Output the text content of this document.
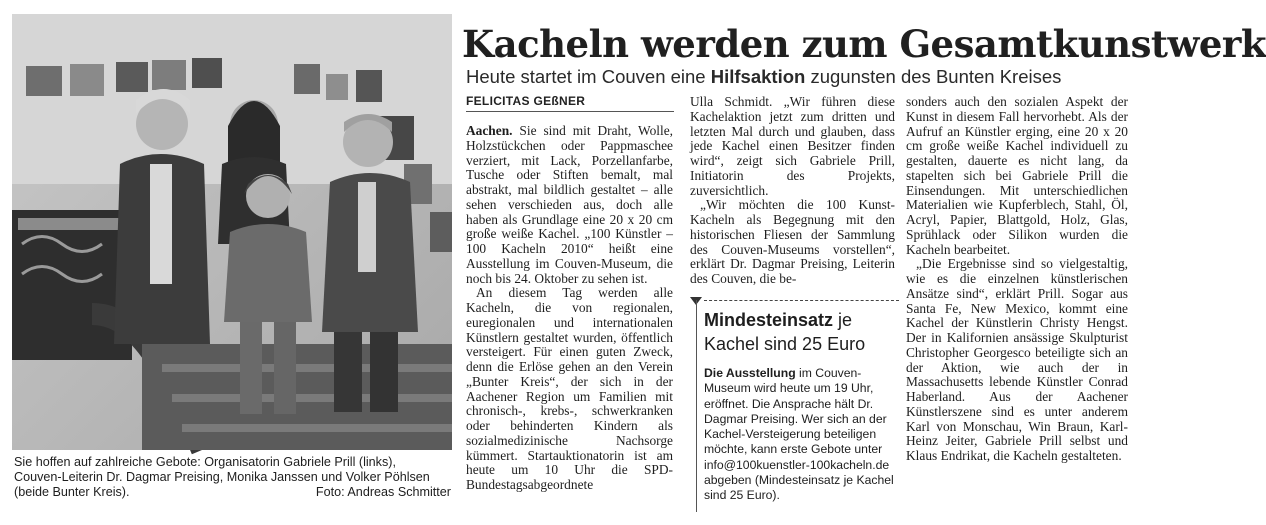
Kacheln werden zum Gesamtkunstwerk
Heute startet im Couven eine Hilfsaktion zugunsten des Bunten Kreises
FELICITAS GEßNER
Sie hoffen auf zahlreiche Gebote: Organisatorin Gabriele Prill (links),
Couven-Leiterin Dr. Dagmar Preising, Monika Janssen und Volker Pöhlsen
(beide Bunter Kreis).	Foto: Andreas Schmitter

Aachen. Sie sind mit Draht, Wolle, Holzstückchen oder Pappmaschee verziert, mit Lack, Porzellanfarbe, Tusche oder Stiften bemalt, mal abstrakt, mal bildlich gestaltet – alle sehen verschieden aus, doch alle haben als Grundlage eine 20 x 20 cm große weiße Kachel. „100 Künstler – 100 Kacheln 2010“ heißt eine Ausstellung im Couven-Museum, die noch bis 24. Oktober zu sehen ist.

An diesem Tag werden alle Kacheln, die von regionalen, euregionalen und internationalen Künstlern gestaltet wurden, öffentlich versteigert. Für einen guten Zweck, denn die Erlöse gehen an den Verein „Bunter Kreis“, der sich in der Aachener Region um Familien mit chronisch-, krebs-, schwerkranken oder behinderten Kindern als sozialmedizinische Nachsorge kümmert. Startauktionatorin ist am heute um 10 Uhr die SPD-Bundestagsabgeordnete

Ulla Schmidt. „Wir führen diese Kachelaktion jetzt zum dritten und letzten Mal durch und glauben, dass jede Kachel einen Besitzer finden wird“, zeigt sich Gabriele Prill, Initiatorin des Projekts, zuversichtlich.

„Wir möchten die 100 Kunst-Kacheln als Begegnung mit den historischen Fliesen der Sammlung des Couven-Museums vorstellen“, erklärt Dr. Dagmar Preising, Leiterin des Couven, die be-

Mindesteinsatz je Kachel sind 25 Euro
Die Ausstellung im Couven-Museum wird heute um 19 Uhr, eröffnet. Die Ansprache hält Dr. Dagmar Preising. Wer sich an der Kachel-Versteigerung beteiligen möchte, kann erste Gebote unter info@100kuenstler-100kacheln.de abgeben (Mindesteinsatz je Kachel sind 25 Euro).

sonders auch den sozialen Aspekt der Kunst in diesem Fall hervorhebt. Als der Aufruf an Künstler erging, eine 20 x 20 cm große weiße Kachel individuell zu gestalten, dauerte es nicht lang, da stapelten sich bei Gabriele Prill die Einsendungen. Mit unterschiedlichen Materialien wie Kupferblech, Stahl, Öl, Acryl, Papier, Blattgold, Holz, Glas, Sprühlack oder Silikon wurden die Kacheln bearbeitet.

„Die Ergebnisse sind so vielgestaltig, wie es die einzelnen künstlerischen Ansätze sind“, erklärt Prill. Sogar aus Santa Fe, New Mexico, kommt eine Kachel der Künstlerin Christy Hengst. Der in Kalifornien ansässige Skulpturist Christopher Georgesco beteiligte sich an der Aktion, wie auch der in Massachusetts lebende Künstler Conrad Haberland. Aus der Aachener Künstlerszene sind es unter anderem Karl von Monschau, Win Braun, Karl-Heinz Jeiter, Gabriele Prill selbst und Klaus Endrikat, die Kacheln gestalteten.
